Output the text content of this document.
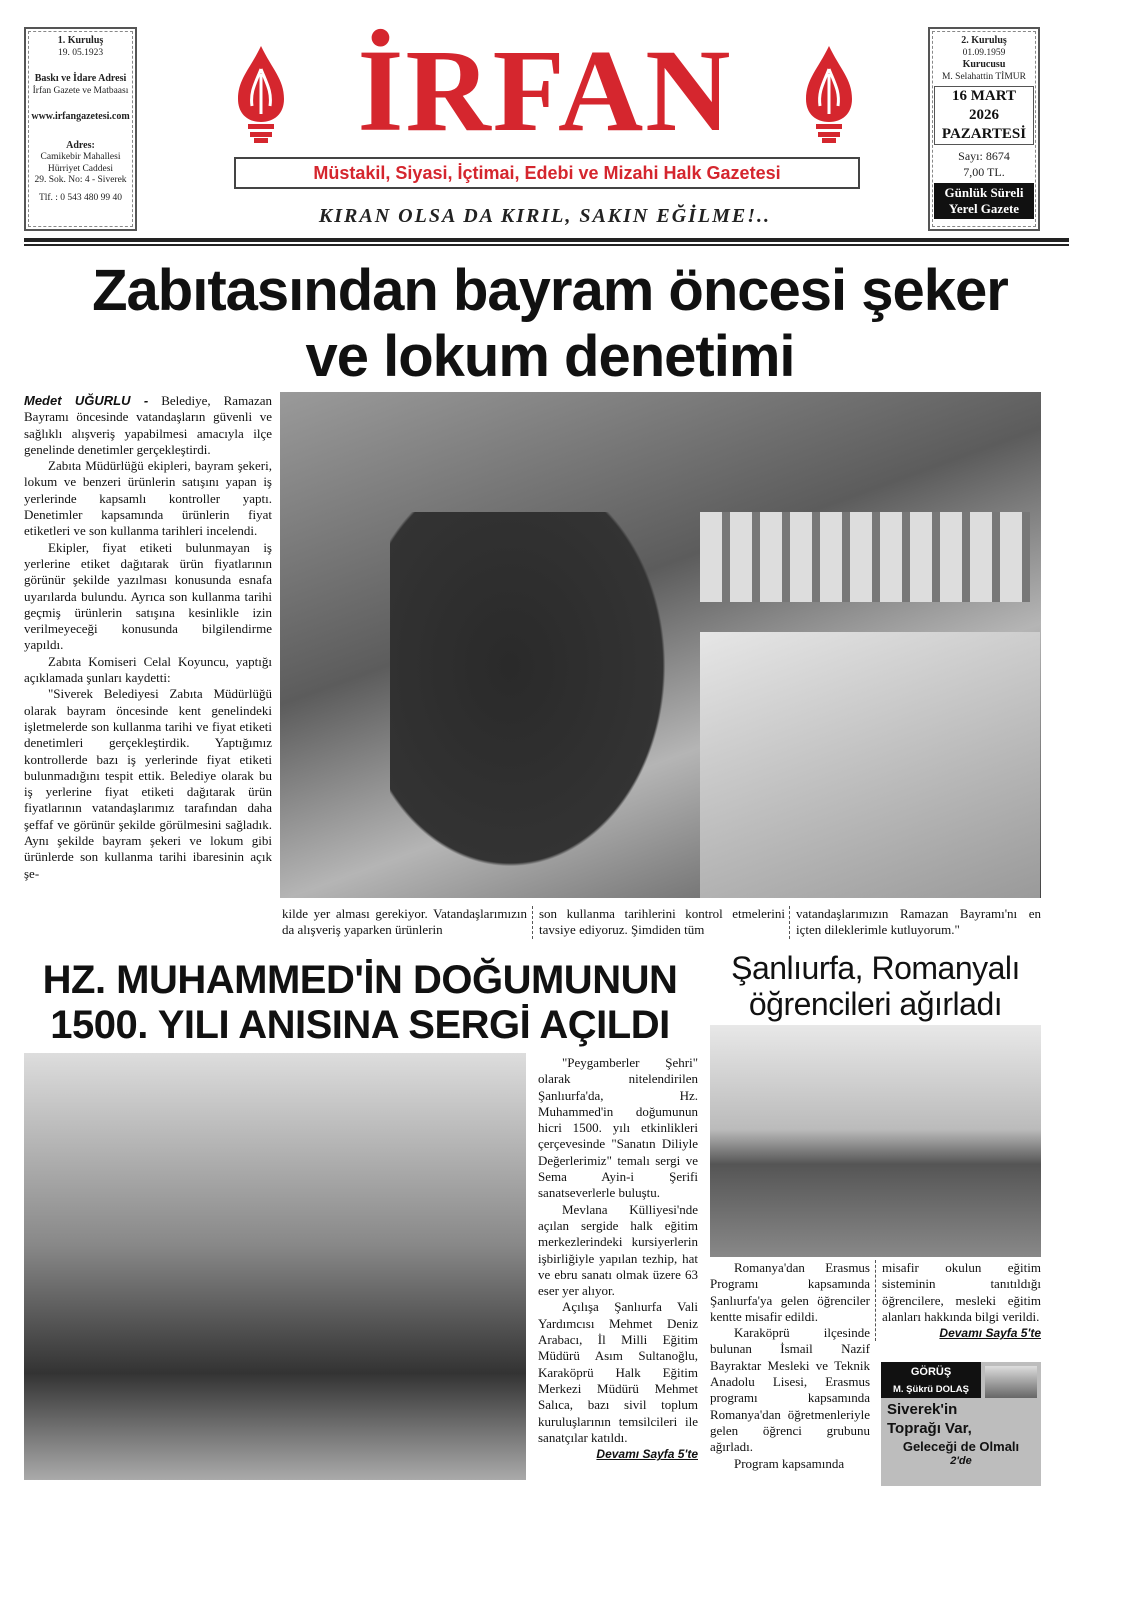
1. Kuruluş
19. 05.1923
Baskı ve İdare Adresi
İrfan Gazete ve Matbaası
www.irfangazetesi.com
Adres:
Camikebir Mahallesi
Hürriyet Caddesi
29. Sok. No: 4 - Siverek
Tlf. : 0 543 480 99 40
İRFAN
Müstakil, Siyasi, İçtimai, Edebi ve Mizahi Halk Gazetesi
KIRAN OLSA DA KIRIL, SAKIN EĞİLME!..
2. Kuruluş
01.09.1959
Kurucusu
M. Selahattin TİMUR
16 MART
2026
PAZARTESİ
Sayı: 8674
7,00 TL.
Günlük Süreli
Yerel Gazete
Zabıtasından bayram öncesi şeker
ve lokum denetimi

Medet UĞURLU - Belediye, Ramazan Bayramı öncesinde vatandaşların güvenli ve sağlıklı alışveriş yapabilmesi amacıyla ilçe genelinde denetimler gerçekleştirdi.

Zabıta Müdürlüğü ekipleri, bayram şekeri, lokum ve benzeri ürünlerin satışını yapan iş yerlerinde kapsamlı kontroller yaptı. Denetimler kapsamında ürünlerin fiyat etiketleri ve son kullanma tarihleri incelendi.

Ekipler, fiyat etiketi bulunmayan iş yerlerine etiket dağıtarak ürün fiyatlarının görünür şekilde yazılması konusunda esnafa uyarılarda bulundu. Ayrıca son kullanma tarihi geçmiş ürünlerin satışına kesinlikle izin verilmeyeceği konusunda bilgilendirme yapıldı.

Zabıta Komiseri Celal Koyuncu, yaptığı açıklamada şunları kaydetti:

"Siverek Belediyesi Zabıta Müdürlüğü olarak bayram öncesinde kent genelindeki işletmelerde son kullanma tarihi ve fiyat etiketi denetimleri gerçekleştirdik. Yaptığımız kontrollerde bazı iş yerlerinde fiyat etiketi bulunmadığını tespit ettik. Belediye olarak bu iş yerlerine fiyat etiketi dağıtarak ürün fiyatlarının vatandaşlarımız tarafından daha şeffaf ve görünür şekilde görülmesini sağladık. Aynı şekilde bayram şekeri ve lokum gibi ürünlerde son kullanma tarihi ibaresinin açık şe-

kilde yer alması gerekiyor. Vatandaşlarımızın da alışveriş yaparken ürünlerin
son kullanma tarihlerini kontrol etmelerini tavsiye ediyoruz. Şimdiden tüm
vatandaşlarımızın Ramazan Bayramı'nı en içten dileklerimle kutluyorum."
HZ. MUHAMMED'İN DOĞUMUNUN
1500. YILI ANISINA SERGİ AÇILDI

"Peygamberler Şehri" olarak nitelendirilen Şanlıurfa'da, Hz. Muhammed'in doğumunun hicri 1500. yılı etkinlikleri çerçevesinde "Sanatın Diliyle Değerlerimiz" temalı sergi ve Sema Ayin-i Şerifi sanatseverlerle buluştu.

Mevlana Külliyesi'nde açılan sergide halk eğitim merkezlerindeki kursiyerlerin işbirliğiyle yapılan tezhip, hat ve ebru sanatı olmak üzere 63 eser yer alıyor.

Açılışa Şanlıurfa Vali Yardımcısı Mehmet Deniz Arabacı, İl Milli Eğitim Müdürü Asım Sultanoğlu, Karaköprü Halk Eğitim Merkezi Müdürü Mehmet Salıca, bazı sivil toplum kuruluşlarının temsilcileri ile sanatçılar katıldı.

Devamı Sayfa 5'te
Şanlıurfa, Romanyalı
öğrencileri ağırladı

Romanya'dan Erasmus Programı kapsamında Şanlıurfa'ya gelen öğrenciler kentte misafir edildi.

Karaköprü ilçesinde bulunan İsmail Nazif Bayraktar Mesleki ve Teknik Anadolu Lisesi, Erasmus programı kapsamında Romanya'dan öğretmenleriyle gelen öğrenci grubunu ağırladı.

Program kapsamında

misafir okulun eğitim sisteminin tanıtıldığı öğrencilere, mesleki eğitim alanları hakkında bilgi verildi.
Devamı Sayfa 5'te
GÖRÜŞ
M. Şükrü DOLAŞ
Siverek'in
Toprağı Var,
Geleceği de Olmalı
2'de
